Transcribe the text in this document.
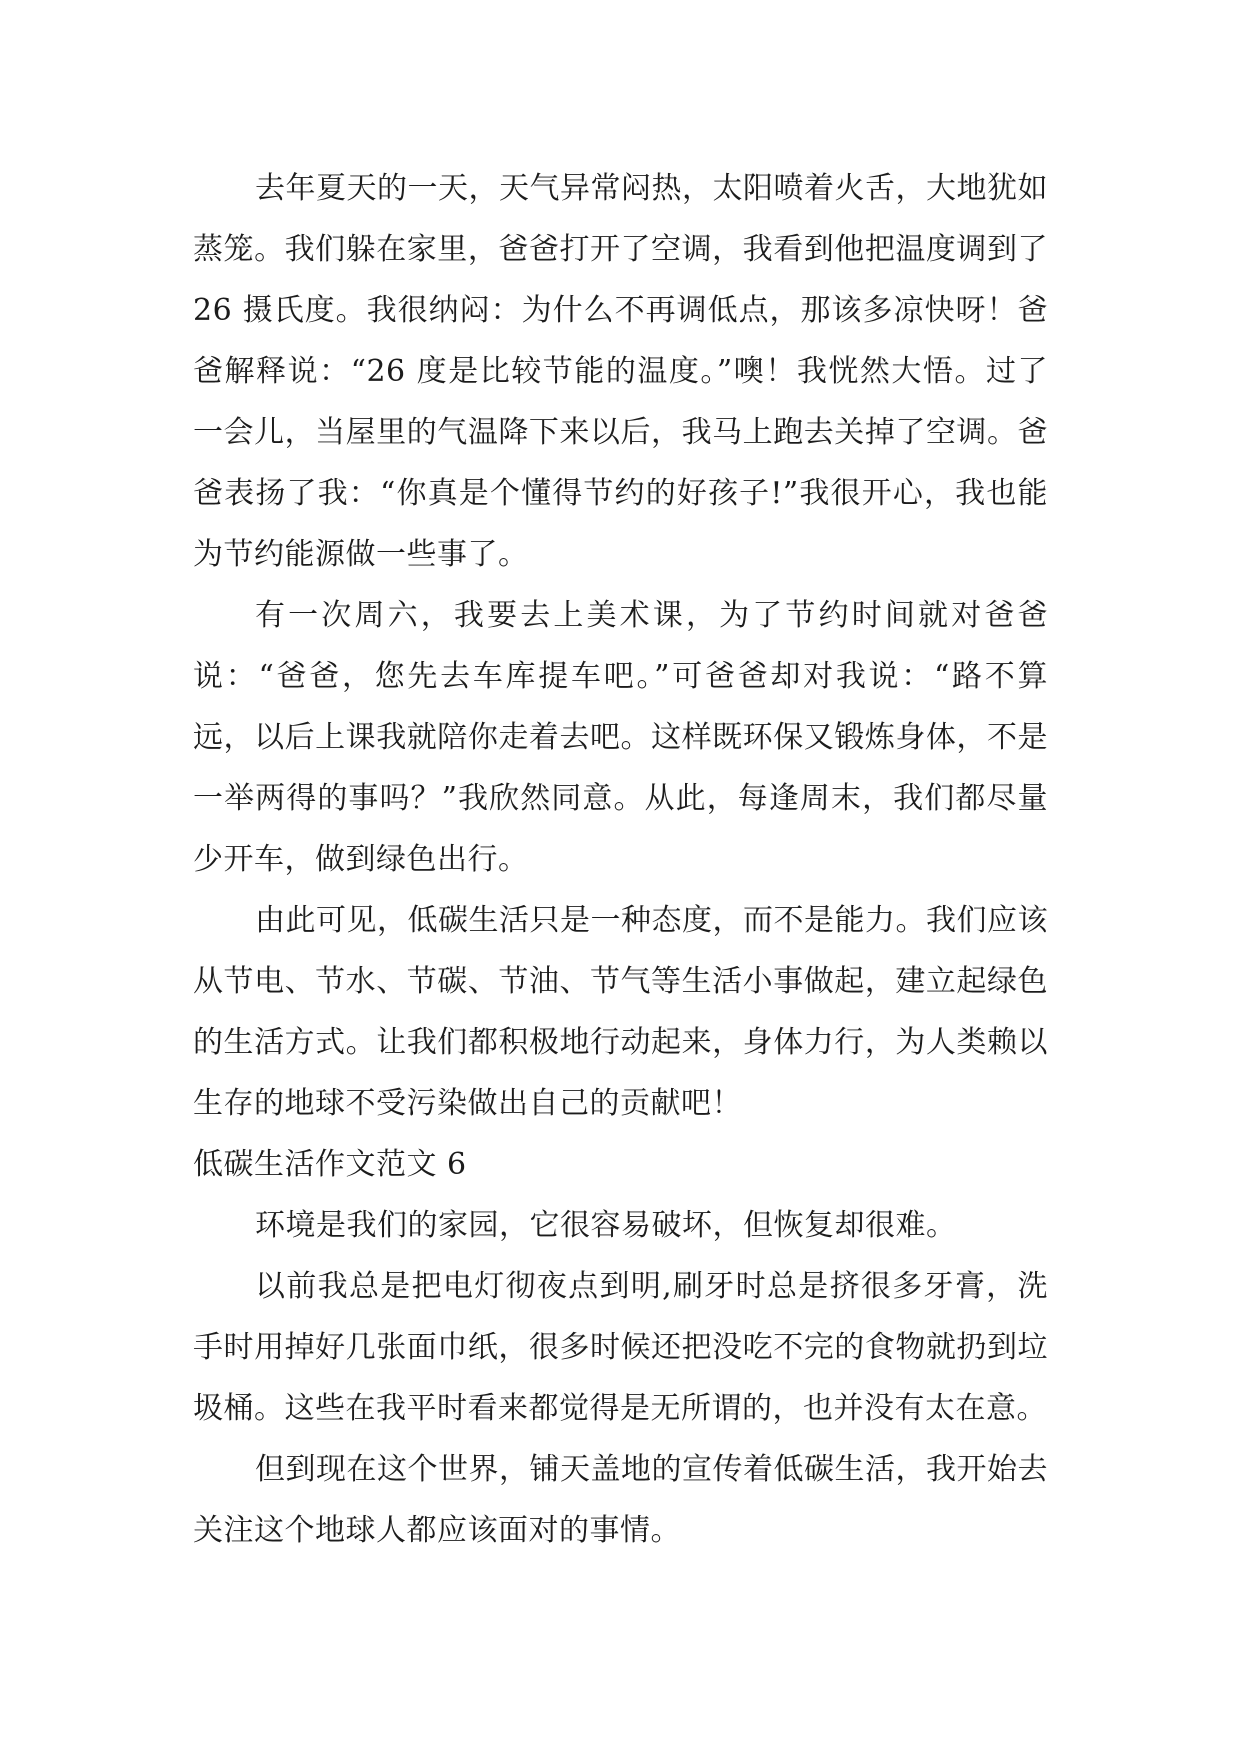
去年夏天的一天，天气异常闷热，太阳喷着火舌，大地犹如蒸笼。我们躲在家里，爸爸打开了空调，我看到他把温度调到了 26 摄氏度。我很纳闷：为什么不再调低点，那该多凉快呀！爸爸解释说：“26 度是比较节能的温度。”噢！我恍然大悟。过了一会儿，当屋里的气温降下来以后，我马上跑去关掉了空调。爸爸表扬了我：“你真是个懂得节约的好孩子!”我很开心，我也能为节约能源做一些事了。

有一次周六，我要去上美术课，为了节约时间就对爸爸说：“爸爸，您先去车库提车吧。”可爸爸却对我说：“路不算远，以后上课我就陪你走着去吧。这样既环保又锻炼身体，不是一举两得的事吗？”我欣然同意。从此，每逢周末，我们都尽量少开车，做到绿色出行。

由此可见，低碳生活只是一种态度，而不是能力。我们应该从节电、节水、节碳、节油、节气等生活小事做起，建立起绿色的生活方式。让我们都积极地行动起来，身体力行，为人类赖以生存的地球不受污染做出自己的贡献吧！

低碳生活作文范文 6

环境是我们的家园，它很容易破坏，但恢复却很难。

以前我总是把电灯彻夜点到明,刷牙时总是挤很多牙膏，洗手时用掉好几张面巾纸，很多时候还把没吃不完的食物就扔到垃圾桶。这些在我平时看来都觉得是无所谓的，也并没有太在意。

但到现在这个世界，铺天盖地的宣传着低碳生活，我开始去关注这个地球人都应该面对的事情。
